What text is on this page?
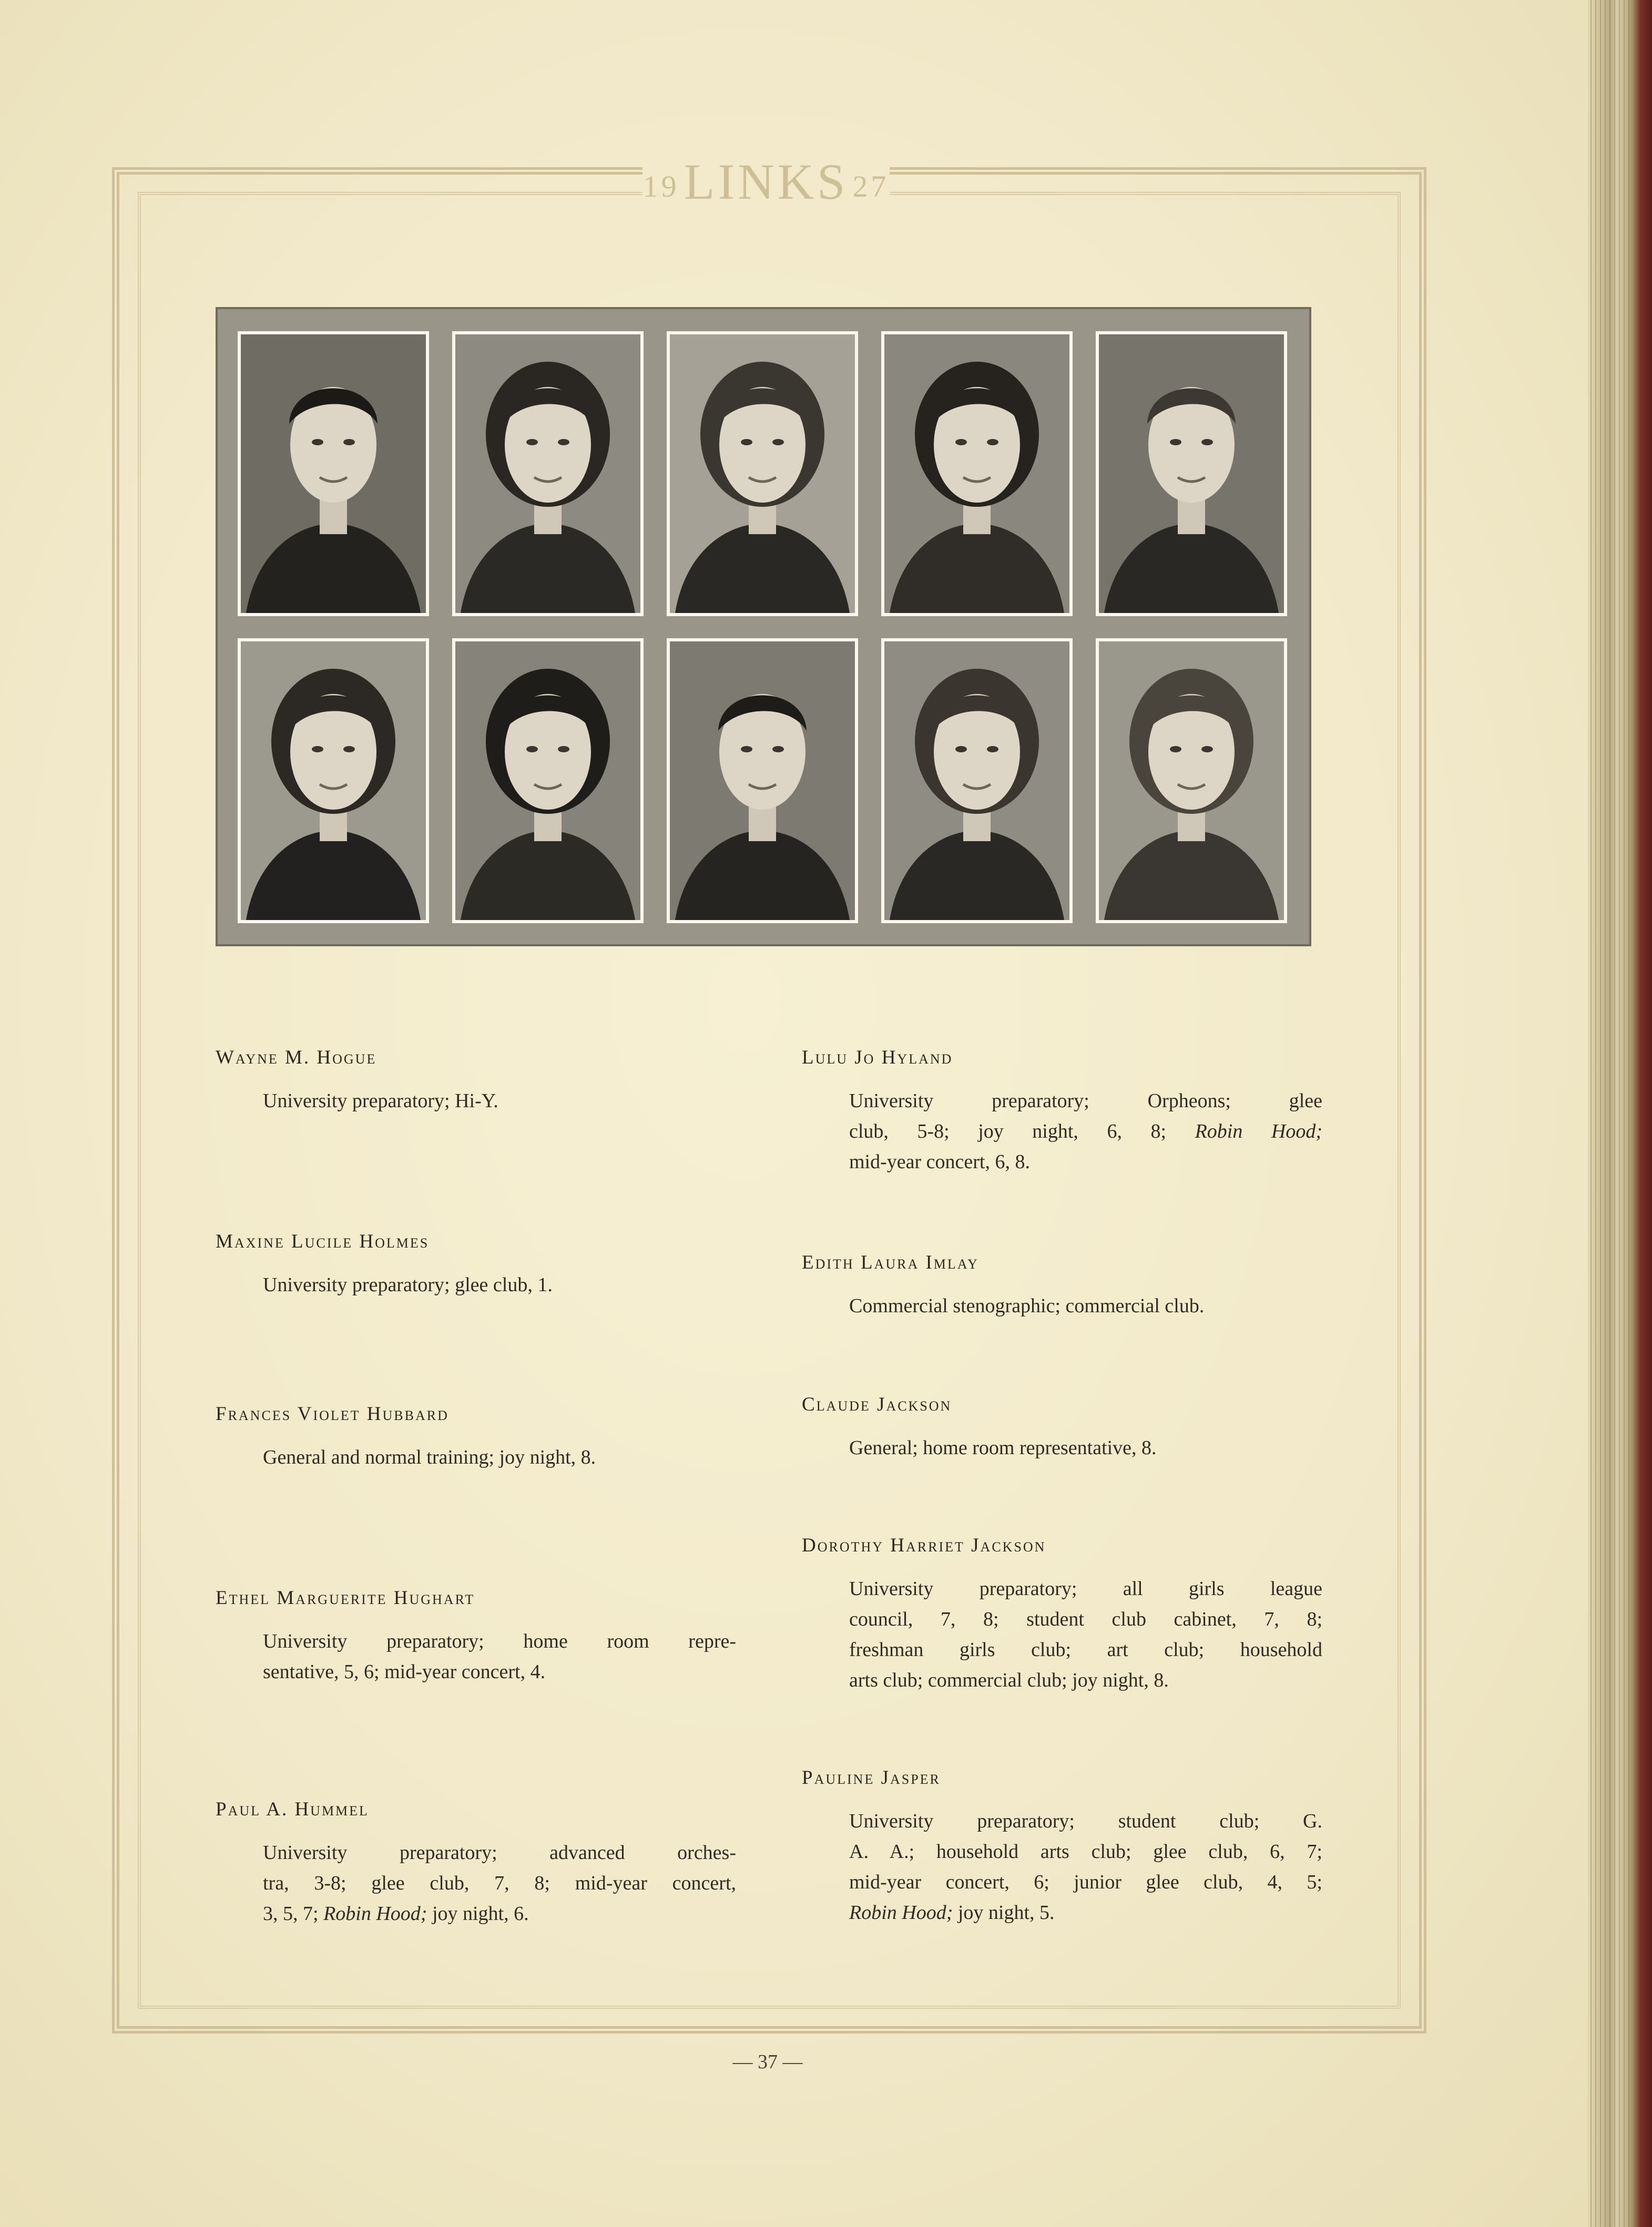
19 LINKS 27
Wayne M. Hogue
University preparatory; Hi-Y.
Maxine Lucile Holmes
University preparatory; glee club, 1.
Frances Violet Hubbard
General and normal training; joy night, 8.
Ethel Marguerite Hughart
University preparatory; home room repre-
sentative, 5, 6; mid-year concert, 4.
Paul A. Hummel
University preparatory; advanced orches-
tra, 3-8; glee club, 7, 8; mid-year concert,
3, 5, 7; Robin Hood; joy night, 6.
Lulu Jo Hyland
University preparatory; Orpheons; glee
club, 5-8; joy night, 6, 8; Robin Hood;
mid-year concert, 6, 8.
Edith Laura Imlay
Commercial stenographic; commercial club.
Claude Jackson
General; home room representative, 8.
Dorothy Harriet Jackson
University preparatory; all girls league
council, 7, 8; student club cabinet, 7, 8;
freshman girls club; art club; household
arts club; commercial club; joy night, 8.
Pauline Jasper
University preparatory; student club; G.
A. A.; household arts club; glee club, 6, 7;
mid-year concert, 6; junior glee club, 4, 5;
Robin Hood; joy night, 5.
— 37 —
